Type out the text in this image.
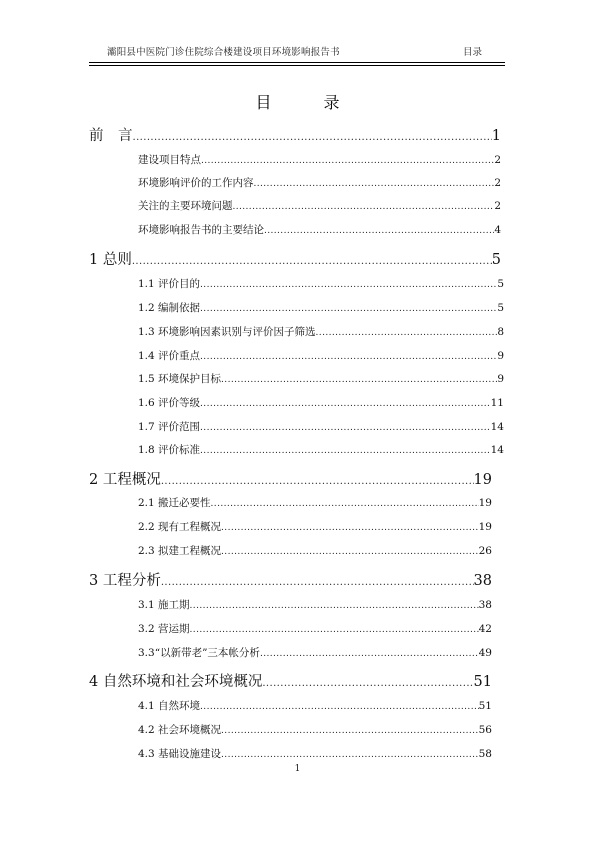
灞阳县中医院门诊住院综合楼建设项目环境影响报告书	目录
目　录
前　言 .....	1
建设项目特点 .....	2
环境影响评价的工作内容 .....	2
关注的主要环境问题 .....	2
环境影响报告书的主要结论 .....	4
1 总则 .....	5
1.1 评价目的 .....	5
1.2 编制依据 .....	5
1.3 环境影响因素识别与评价因子筛选 .....	8
1.4 评价重点 .....	9
1.5 环境保护目标 .....	9
1.6 评价等级 .....	11
1.7 评价范围 .....	14
1.8 评价标准 .....	14
2 工程概况 .....	19
2.1 搬迁必要性 .....	19
2.2 现有工程概况 .....	19
2.3 拟建工程概况 .....	26
3 工程分析 .....	38
3.1 施工期 .....	38
3.2 营运期 .....	42
3.3“以新带老”三本帐分析 .....	49
4 自然环境和社会环境概况 .....	51
4.1 自然环境 .....	51
4.2 社会环境概况 .....	56
4.3 基础设施建设 .....	58
1
